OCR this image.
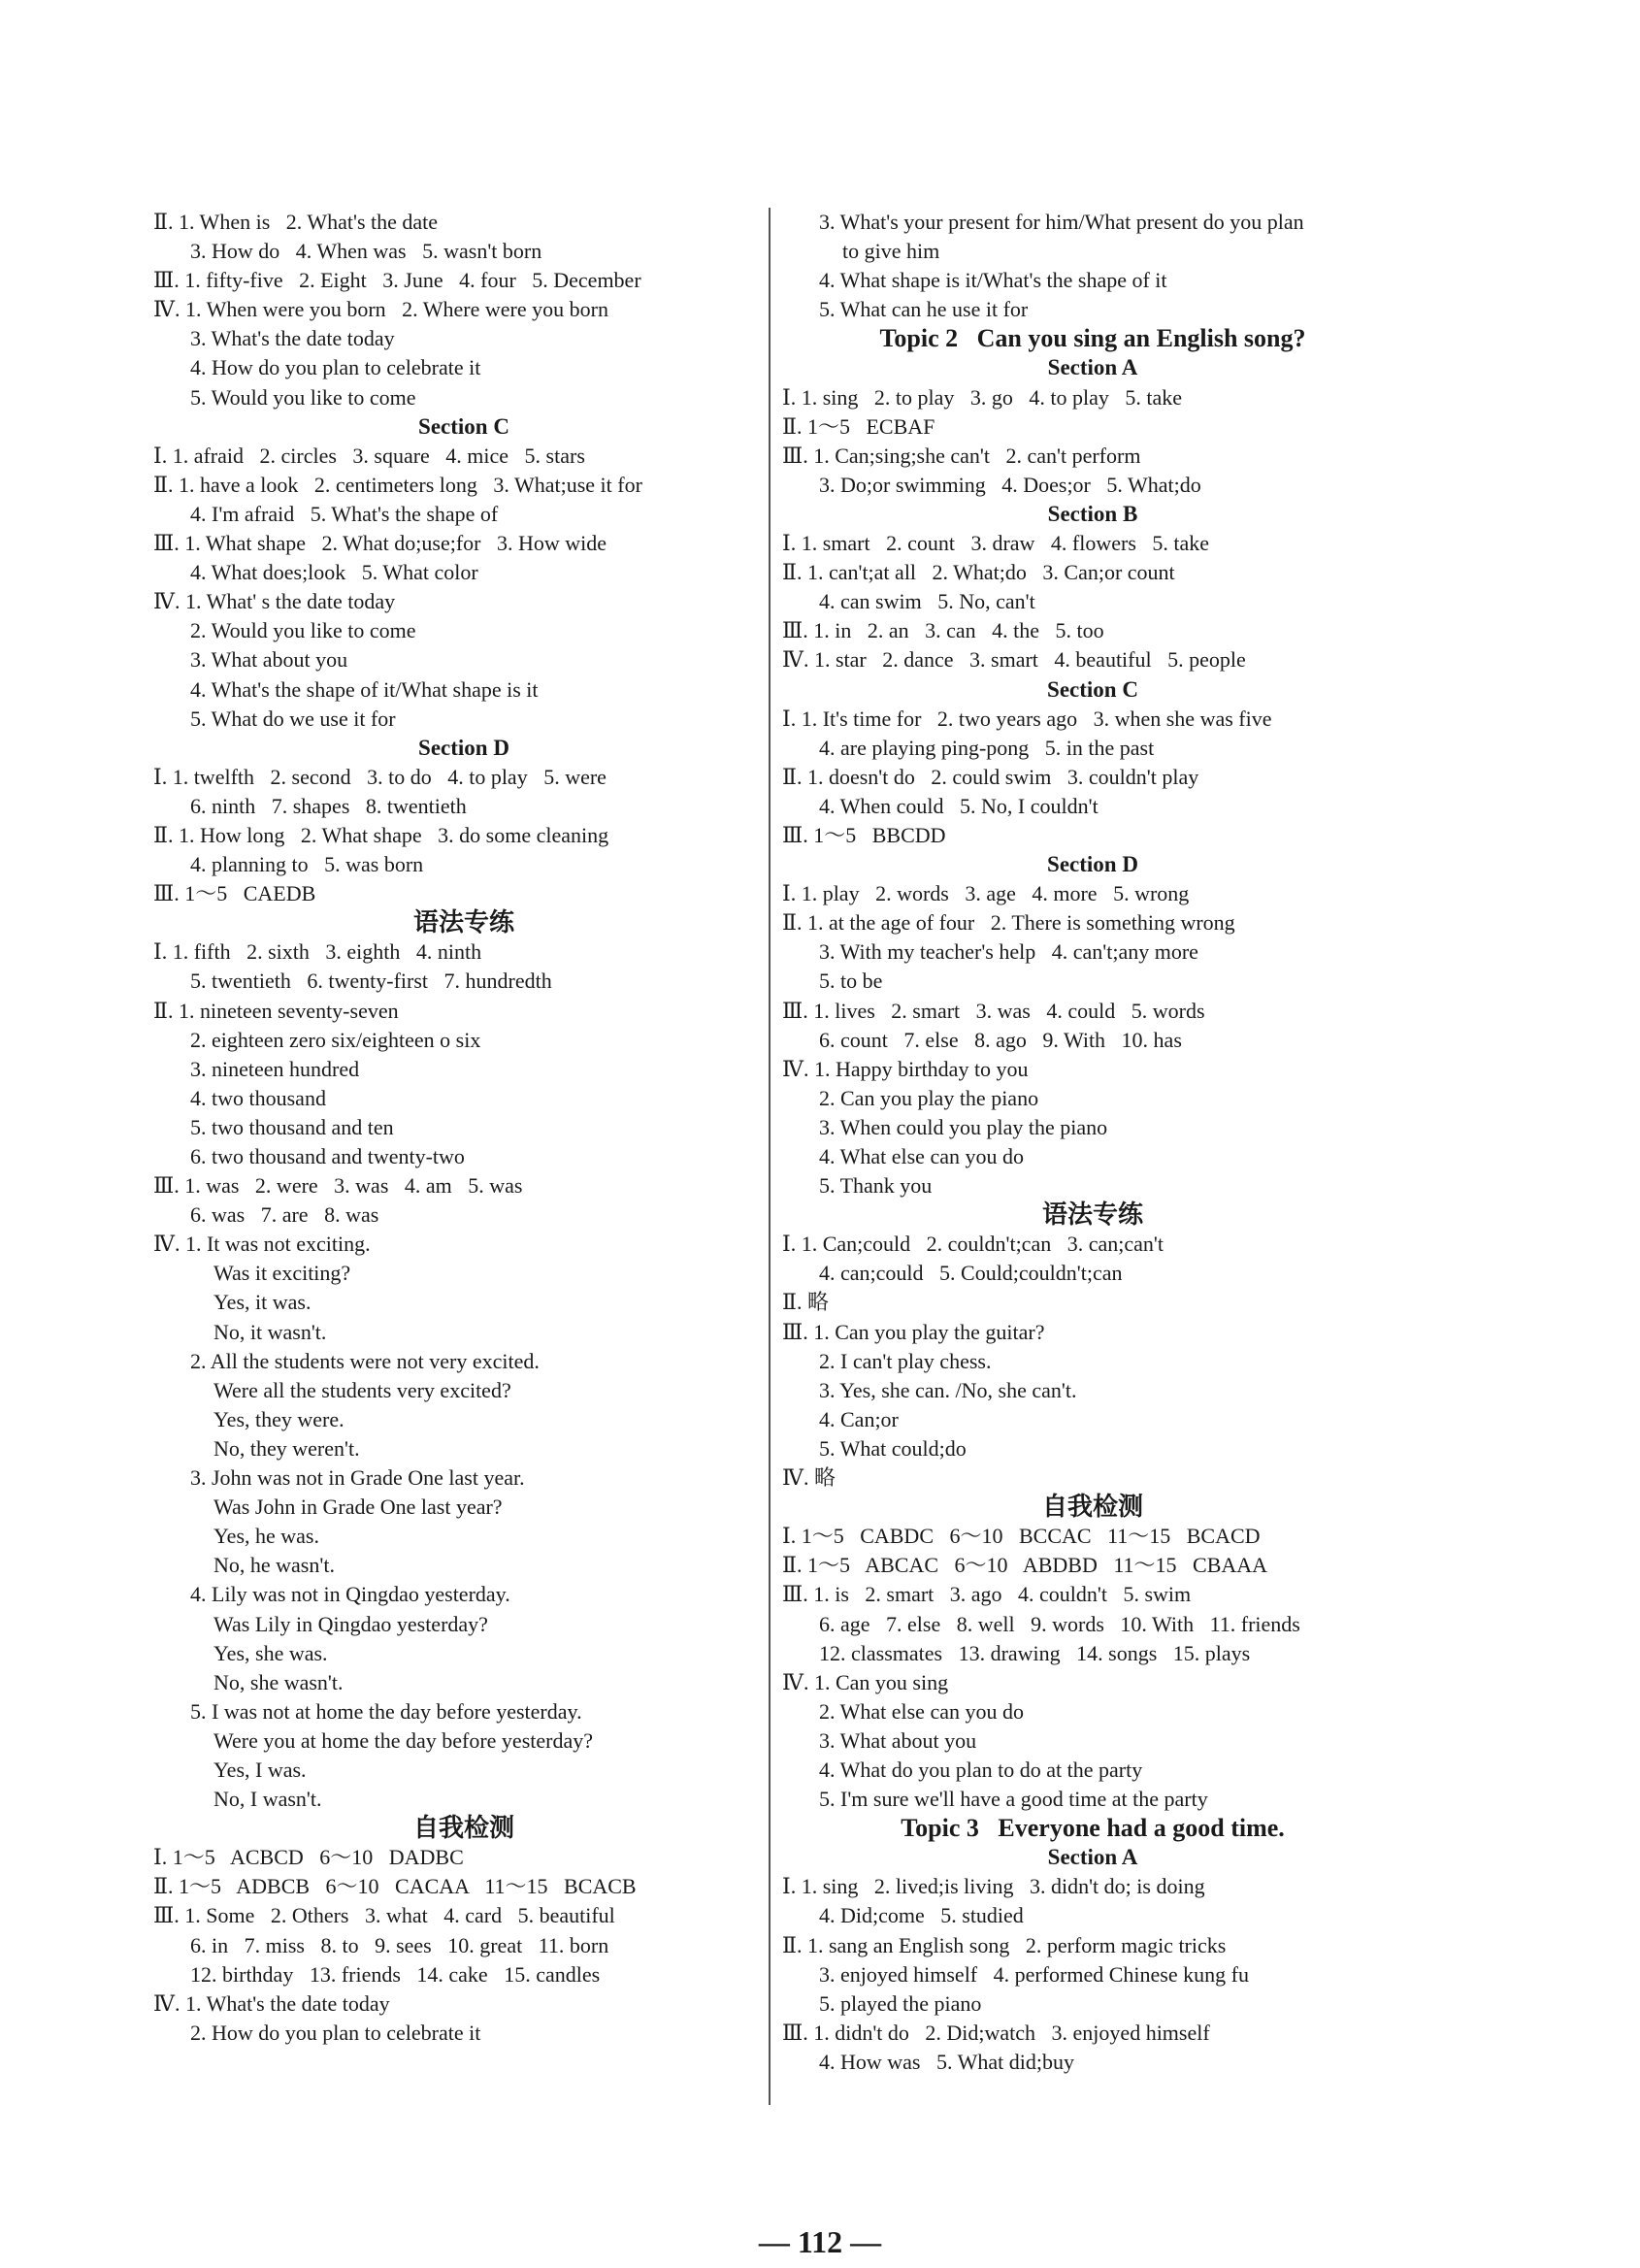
Ⅱ. 1. When is   2. What's the date
3. How do   4. When was   5. wasn't born
Ⅲ. 1. fifty-five   2. Eight   3. June   4. four   5. December
Ⅳ. 1. When were you born   2. Where were you born
3. What's the date today
4. How do you plan to celebrate it
5. Would you like to come
Section C
Ⅰ. 1. afraid   2. circles   3. square   4. mice   5. stars
Ⅱ. 1. have a look   2. centimeters long   3. What;use it for
4. I'm afraid   5. What's the shape of
Ⅲ. 1. What shape   2. What do;use;for   3. How wide
4. What does;look   5. What color
Ⅳ. 1. What' s the date today
2. Would you like to come
3. What about you
4. What's the shape of it/What shape is it
5. What do we use it for
Section D
Ⅰ. 1. twelfth   2. second   3. to do   4. to play   5. were
6. ninth   7. shapes   8. twentieth
Ⅱ. 1. How long   2. What shape   3. do some cleaning
4. planning to   5. was born
Ⅲ. 1～5   CAEDB
语法专练
Ⅰ. 1. fifth   2. sixth   3. eighth   4. ninth
5. twentieth   6. twenty-first   7. hundredth
Ⅱ. 1. nineteen seventy-seven
2. eighteen zero six/eighteen o six
3. nineteen hundred
4. two thousand
5. two thousand and ten
6. two thousand and twenty-two
Ⅲ. 1. was   2. were   3. was   4. am   5. was
6. was   7. are   8. was
Ⅳ. 1. It was not exciting.
Was it exciting?
Yes, it was.
No, it wasn't.
2. All the students were not very excited.
Were all the students very excited?
Yes, they were.
No, they weren't.
3. John was not in Grade One last year.
Was John in Grade One last year?
Yes, he was.
No, he wasn't.
4. Lily was not in Qingdao yesterday.
Was Lily in Qingdao yesterday?
Yes, she was.
No, she wasn't.
5. I was not at home the day before yesterday.
Were you at home the day before yesterday?
Yes, I was.
No, I wasn't.
自我检测
Ⅰ. 1～5   ACBCD   6～10   DADBC
Ⅱ. 1～5   ADBCB   6～10   CACAA   11～15   BCACB
Ⅲ. 1. Some   2. Others   3. what   4. card   5. beautiful
6. in   7. miss   8. to   9. sees   10. great   11. born
12. birthday   13. friends   14. cake   15. candles
Ⅳ. 1. What's the date today
2. How do you plan to celebrate it
3. What's your present for him/What present do you plan
to give him
4. What shape is it/What's the shape of it
5. What can he use it for
Topic 2   Can you sing an English song?
Section A
Ⅰ. 1. sing   2. to play   3. go   4. to play   5. take
Ⅱ. 1～5   ECBAF
Ⅲ. 1. Can;sing;she can't   2. can't perform
3. Do;or swimming   4. Does;or   5. What;do
Section B
Ⅰ. 1. smart   2. count   3. draw   4. flowers   5. take
Ⅱ. 1. can't;at all   2. What;do   3. Can;or count
4. can swim   5. No, can't
Ⅲ. 1. in   2. an   3. can   4. the   5. too
Ⅳ. 1. star   2. dance   3. smart   4. beautiful   5. people
Section C
Ⅰ. 1. It's time for   2. two years ago   3. when she was five
4. are playing ping-pong   5. in the past
Ⅱ. 1. doesn't do   2. could swim   3. couldn't play
4. When could   5. No, I couldn't
Ⅲ. 1～5   BBCDD
Section D
Ⅰ. 1. play   2. words   3. age   4. more   5. wrong
Ⅱ. 1. at the age of four   2. There is something wrong
3. With my teacher's help   4. can't;any more
5. to be
Ⅲ. 1. lives   2. smart   3. was   4. could   5. words
6. count   7. else   8. ago   9. With   10. has
Ⅳ. 1. Happy birthday to you
2. Can you play the piano
3. When could you play the piano
4. What else can you do
5. Thank you
语法专练
Ⅰ. 1. Can;could   2. couldn't;can   3. can;can't
4. can;could   5. Could;couldn't;can
Ⅱ. 略
Ⅲ. 1. Can you play the guitar?
2. I can't play chess.
3. Yes, she can. /No, she can't.
4. Can;or
5. What could;do
Ⅳ. 略
自我检测
Ⅰ. 1～5   CABDC   6～10   BCCAC   11～15   BCACD
Ⅱ. 1～5   ABCAC   6～10   ABDBD   11～15   CBAAA
Ⅲ. 1. is   2. smart   3. ago   4. couldn't   5. swim
6. age   7. else   8. well   9. words   10. With   11. friends
12. classmates   13. drawing   14. songs   15. plays
Ⅳ. 1. Can you sing
2. What else can you do
3. What about you
4. What do you plan to do at the party
5. I'm sure we'll have a good time at the party
Topic 3   Everyone had a good time.
Section A
Ⅰ. 1. sing   2. lived;is living   3. didn't do; is doing
4. Did;come   5. studied
Ⅱ. 1. sang an English song   2. perform magic tricks
3. enjoyed himself   4. performed Chinese kung fu
5. played the piano
Ⅲ. 1. didn't do   2. Did;watch   3. enjoyed himself
4. How was   5. What did;buy
— 112 —
